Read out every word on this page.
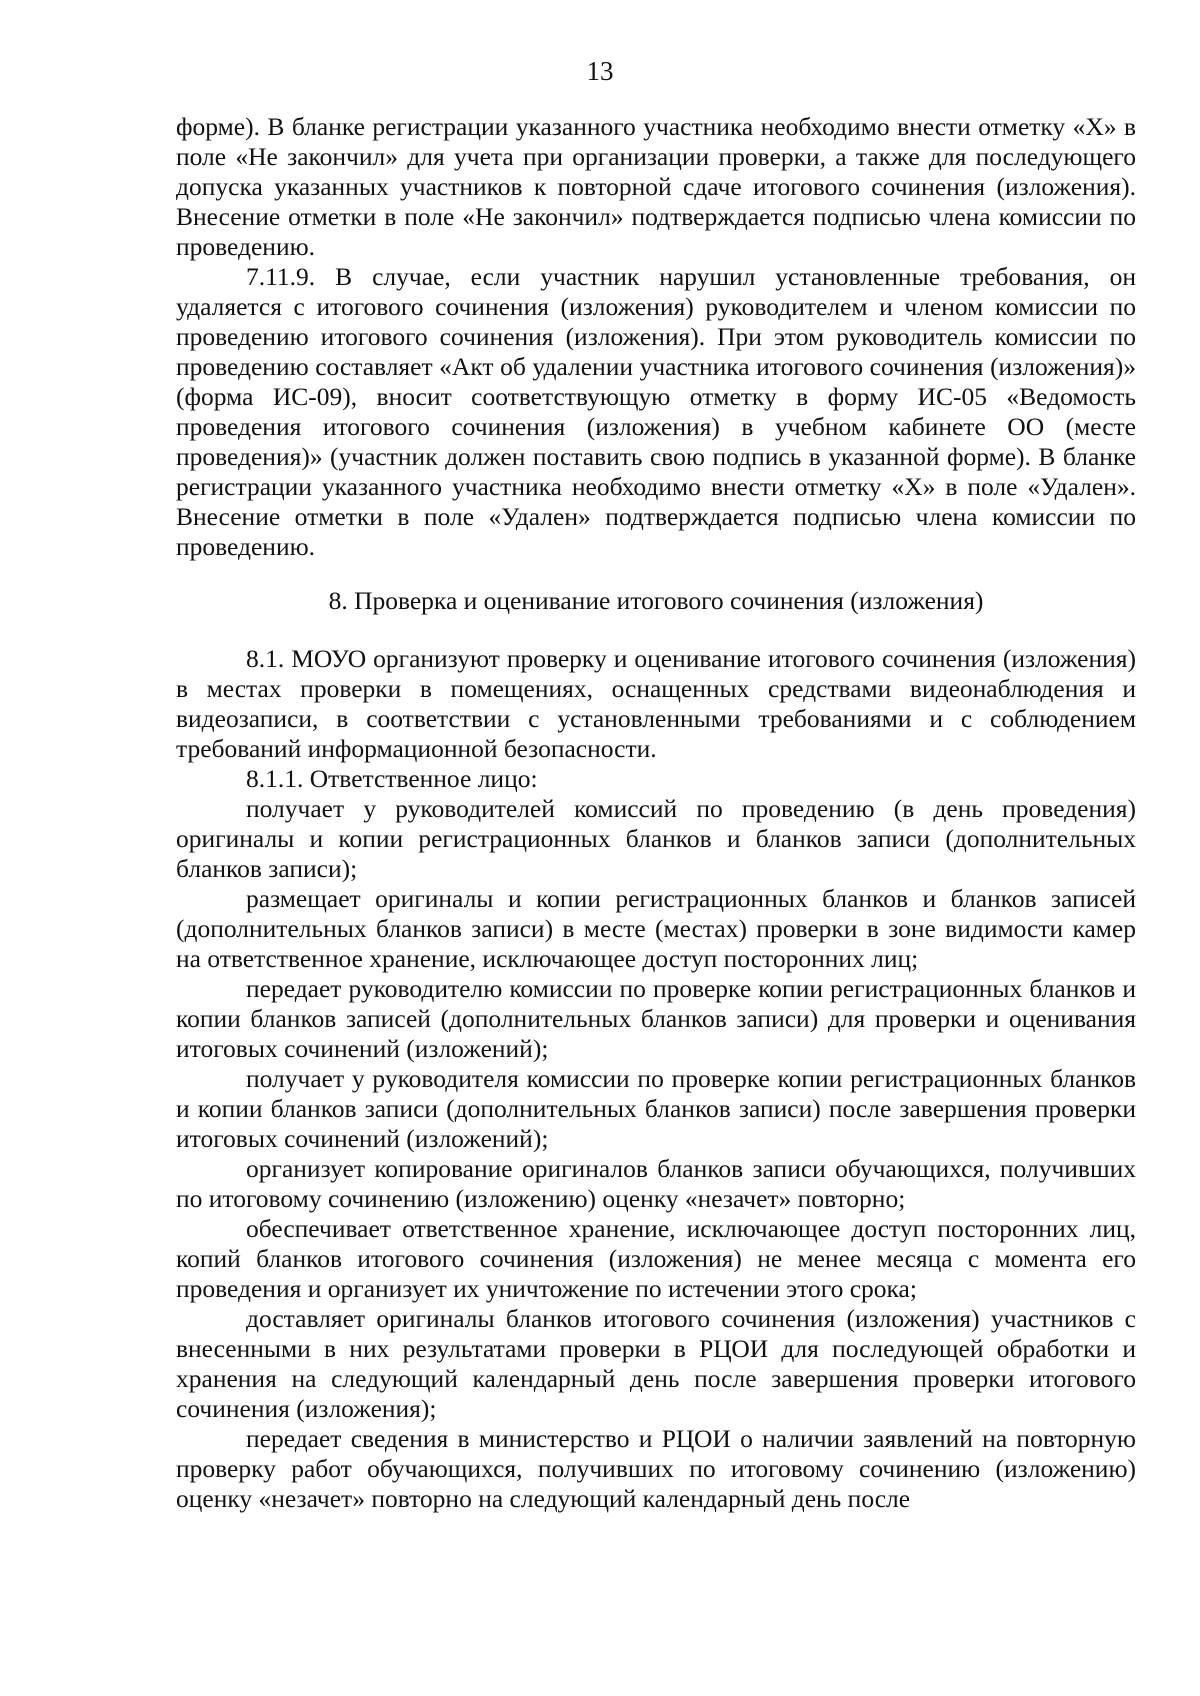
13

форме). В бланке регистрации указанного участника необходимо внести отметку «Х» в поле «Не закончил» для учета при организации проверки, а также для последующего допуска указанных участников к повторной сдаче итогового сочинения (изложения). Внесение отметки в поле «Не закончил» подтверждается подписью члена комиссии по проведению.

7.11.9. В случае, если участник нарушил установленные требования, он удаляется с итогового сочинения (изложения) руководителем и членом комиссии по проведению итогового сочинения (изложения). При этом руководитель комиссии по проведению составляет «Акт об удалении участника итогового сочинения (изложения)» (форма ИС-09), вносит соответствующую отметку в форму ИС-05 «Ведомость проведения итогового сочинения (изложения) в учебном кабинете ОО (месте проведения)» (участник должен поставить свою подпись в указанной форме). В бланке регистрации указанного участника необходимо внести отметку «Х» в поле «Удален». Внесение отметки в поле «Удален» подтверждается подписью члена комиссии по проведению.

8. Проверка и оценивание итогового сочинения (изложения)

8.1. МОУО организуют проверку и оценивание итогового сочинения (изложения) в местах проверки в помещениях, оснащенных средствами видеонаблюдения и видеозаписи, в соответствии с установленными требованиями и с соблюдением требований информационной безопасности.

8.1.1. Ответственное лицо:

получает у руководителей комиссий по проведению (в день проведения) оригиналы и копии регистрационных бланков и бланков записи (дополнительных бланков записи);

размещает оригиналы и копии регистрационных бланков и бланков записей (дополнительных бланков записи) в месте (местах) проверки в зоне видимости камер на ответственное хранение, исключающее доступ посторонних лиц;

передает руководителю комиссии по проверке копии регистрационных бланков и копии бланков записей (дополнительных бланков записи) для проверки и оценивания итоговых сочинений (изложений);

получает у руководителя комиссии по проверке копии регистрационных бланков и копии бланков записи (дополнительных бланков записи) после завершения проверки итоговых сочинений (изложений);

организует копирование оригиналов бланков записи обучающихся, получивших по итоговому сочинению (изложению) оценку «незачет» повторно;

обеспечивает ответственное хранение, исключающее доступ посторонних лиц, копий бланков итогового сочинения (изложения) не менее месяца с момента его проведения и организует их уничтожение по истечении этого срока;

доставляет оригиналы бланков итогового сочинения (изложения) участников с внесенными в них результатами проверки в РЦОИ для последующей обработки и хранения на следующий календарный день после завершения проверки итогового сочинения (изложения);

передает сведения в министерство и РЦОИ о наличии заявлений на повторную проверку работ обучающихся, получивших по итоговому сочинению (изложению) оценку «незачет» повторно на следующий календарный день после
